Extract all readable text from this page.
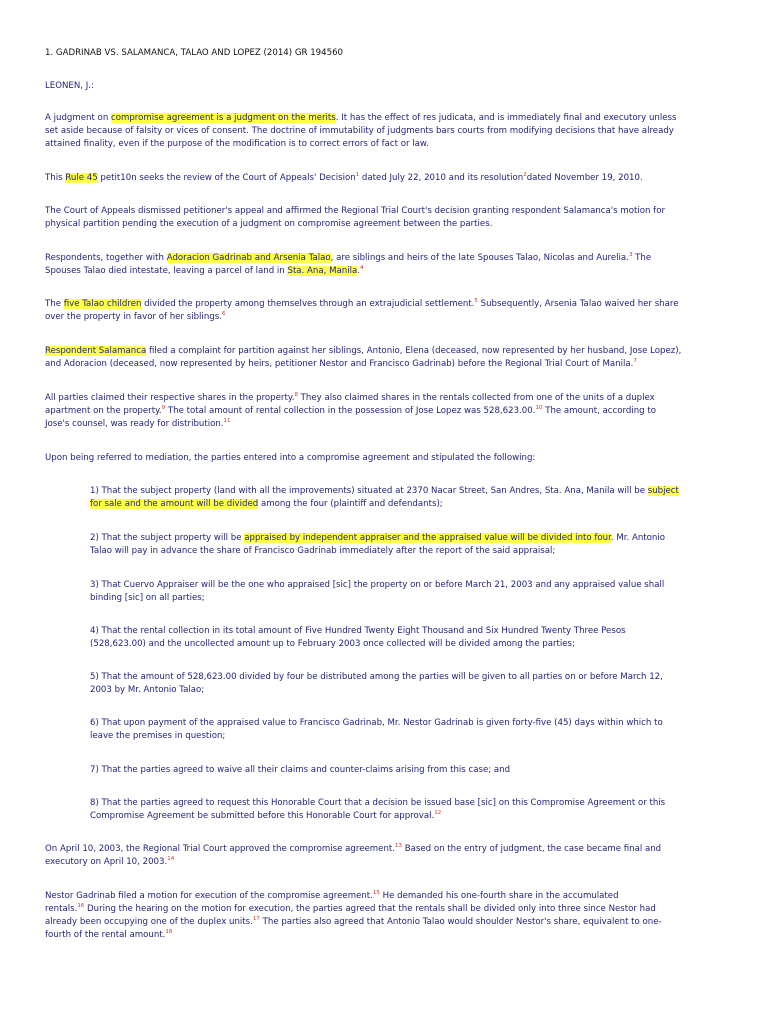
1. GADRINAB VS. SALAMANCA, TALAO AND LOPEZ (2014) GR 194560
LEONEN, J.:
A judgment on compromise agreement is a judgment on the merits. It has the effect of res judicata, and is immediately final and executory unless
set aside because of falsity or vices of consent. The doctrine of immutability of judgments bars courts from modifying decisions that have already
attained finality, even if the purpose of the modification is to correct errors of fact or law.
This Rule 45 petit10n seeks the review of the Court of Appeals' Decision$^1$ dated July 22, 2010 and its resolution$^2$dated November 19, 2010.
The Court of Appeals dismissed petitioner's appeal and affirmed the Regional Trial Court's decision granting respondent Salamanca's motion for
physical partition pending the execution of a judgment on compromise agreement between the parties.
Respondents, together with Adoracion Gadrinab and Arsenia Talao, are siblings and heirs of the late Spouses Talao, Nicolas and Aurelia.$^3$ The
Spouses Talao died intestate, leaving a parcel of land in Sta. Ana, Manila.$^4$
The five Talao children divided the property among themselves through an extrajudicial settlement.$^5$ Subsequently, Arsenia Talao waived her share
over the property in favor of her siblings.$^6$
Respondent Salamanca filed a complaint for partition against her siblings, Antonio, Elena (deceased, now represented by her husband, Jose Lopez),
and Adoracion (deceased, now represented by heirs, petitioner Nestor and Francisco Gadrinab) before the Regional Trial Court of Manila.$^7$
All parties claimed their respective shares in the property.$^8$ They also claimed shares in the rentals collected from one of the units of a duplex
apartment on the property.$^9$ The total amount of rental collection in the possession of Jose Lopez was 528,623.00.10 The amount, according to
Jose's counsel, was ready for distribution.$^{11}$
Upon being referred to mediation, the parties entered into a compromise agreement and stipulated the following:
1) That the subject property (land with all the improvements) situated at 2370 Nacar Street, San Andres, Sta. Ana, Manila will be subject
for sale and the amount will be divided among the four (plaintiff and defendants);
2) That the subject property will be appraised by independent appraiser and the appraised value will be divided into four. Mr. Antonio
Talao will pay in advance the share of Francisco Gadrinab immediately after the report of the said appraisal;
3) That Cuervo Appraiser will be the one who appraised [sic] the property on or before March 21, 2003 and any appraised value shall
binding [sic] on all parties;
4) That the rental collection in its total amount of Five Hundred Twenty Eight Thousand and Six Hundred Twenty Three Pesos
(528,623.00) and the uncollected amount up to February 2003 once collected will be divided among the parties;
5) That the amount of 528,623.00 divided by four be distributed among the parties will be given to all parties on or before March 12,
2003 by Mr. Antonio Talao;
6) That upon payment of the appraised value to Francisco Gadrinab, Mr. Nestor Gadrinab is given forty-five (45) days within which to
leave the premises in question;
7) That the parties agreed to waive all their claims and counter-claims arising from this case; and
8) That the parties agreed to request this Honorable Court that a decision be issued base [sic] on this Compromise Agreement or this
Compromise Agreement be submitted before this Honorable Court for approval.$^{12}$
On April 10, 2003, the Regional Trial Court approved the compromise agreement.$^{13}$ Based on the entry of judgment, the case became final and
executory on April 10, 2003.14
Nestor Gadrinab filed a motion for execution of the compromise agreement.$^{15}$ He demanded his one-fourth share in the accumulated
rentals.$^{16}$ During the hearing on the motion for execution, the parties agreed that the rentals shall be divided only into three since Nestor had
already been occupying one of the duplex units.$^{17}$ The parties also agreed that Antonio Talao would shoulder Nestor's share, equivalent to one-
fourth of the rental amount.$^{18}$
